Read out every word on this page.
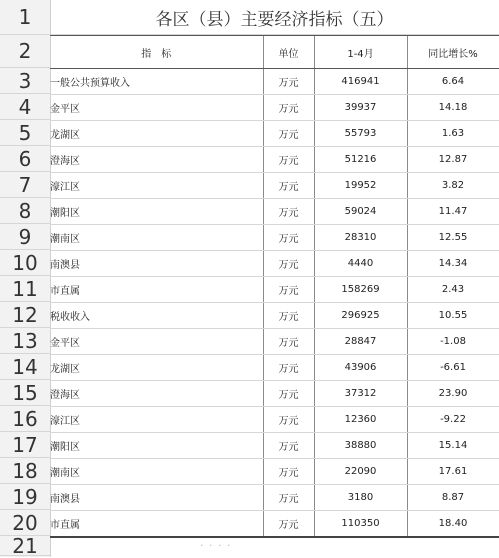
1
2
3
4
5
6
7
8
9
10
11
12
13
14
15
16
17
18
19
20
21
各区（县）主要经济指标（五）
指　标	单位	1-4月	同比增长%
一般公共预算收入	万元	416941	6.64
金平区	万元	39937	14.18
龙湖区	万元	55793	1.63
澄海区	万元	51216	12.87
濠江区	万元	19952	3.82
潮阳区	万元	59024	11.47
潮南区	万元	28310	12.55
南澳县	万元	4440	14.34
市直属	万元	158269	2.43
税收收入	万元	296925	10.55
金平区	万元	28847	-1.08
龙湖区	万元	43906	-6.61
澄海区	万元	37312	23.90
濠江区	万元	12360	-9.22
潮阳区	万元	38880	15.14
潮南区	万元	22090	17.61
南澳县	万元	3180	8.87
市直属	万元	110350	18.40
· · · ·
